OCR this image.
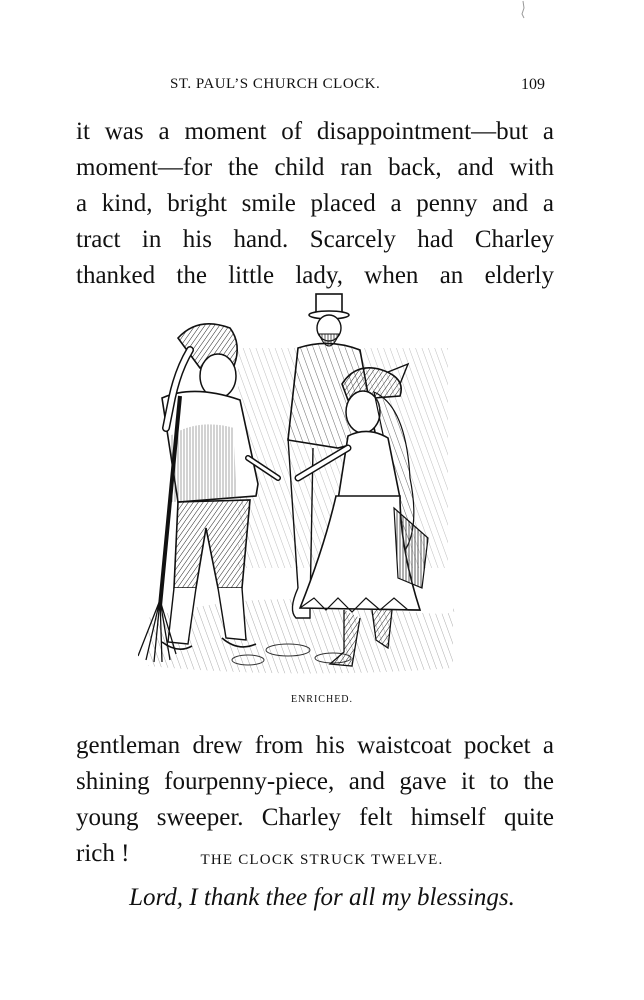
ST. PAUL’S CHURCH CLOCK.	109
it was a moment of disappointment—but a
moment—for the child ran back, and with
a kind, bright smile placed a penny and a
tract in his hand. Scarcely had Charley
thanked the little lady, when an elderly
ENRICHED.
gentleman drew from his waistcoat pocket a
shining fourpenny-piece, and gave it to the
young sweeper. Charley felt himself quite
rich !	THE CLOCK STRUCK TWELVE.
Lord, I thank thee for all my blessings.
